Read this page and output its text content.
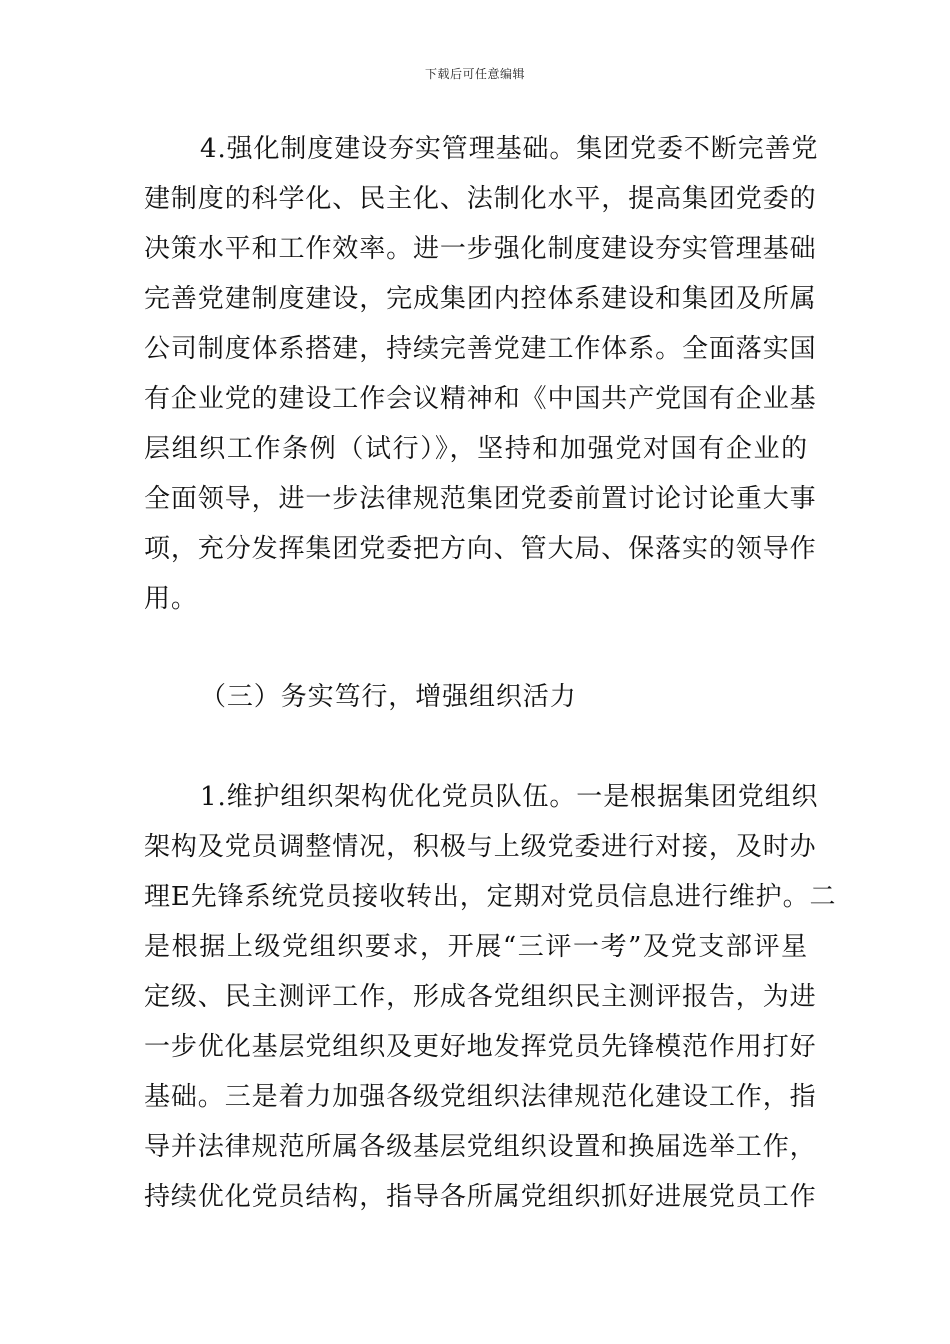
下载后可任意编辑
4.强化制度建设夯实管理基础。集团党委不断完善党
建制度的科学化、民主化、法制化水平，提高集团党委的
决策水平和工作效率。进一步强化制度建设夯实管理基础
完善党建制度建设，完成集团内控体系建设和集团及所属
公司制度体系搭建，持续完善党建工作体系。全面落实国
有企业党的建设工作会议精神和《中国共产党国有企业基
层组织工作条例（试行）》，坚持和加强党对国有企业的
全面领导，进一步法律规范集团党委前置讨论讨论重大事
项，充分发挥集团党委把方向、管大局、保落实的领导作
用。
（三）务实笃行，增强组织活力
1.维护组织架构优化党员队伍。一是根据集团党组织
架构及党员调整情况，积极与上级党委进行对接，及时办
理E先锋系统党员接收转出，定期对党员信息进行维护。二
是根据上级党组织要求，开展“三评一考”及党支部评星
定级、民主测评工作，形成各党组织民主测评报告，为进
一步优化基层党组织及更好地发挥党员先锋模范作用打好
基础。三是着力加强各级党组织法律规范化建设工作，指
导并法律规范所属各级基层党组织设置和换届选举工作，
持续优化党员结构，指导各所属党组织抓好进展党员工作
